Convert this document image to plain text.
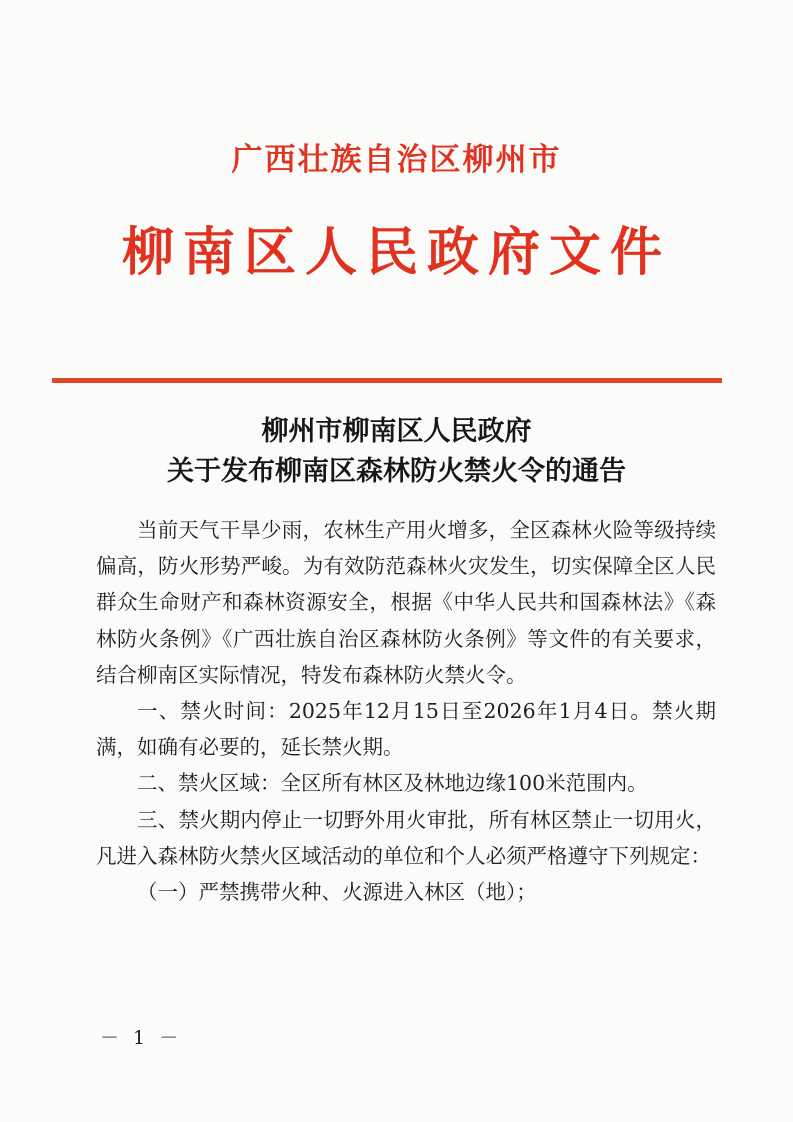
广西壮族自治区柳州市
柳南区人民政府文件
柳州市柳南区人民政府
关于发布柳南区森林防火禁火令的通告

当前天气干旱少雨，农林生产用火增多，全区森林火险等级持续偏高，防火形势严峻。为有效防范森林火灾发生，切实保障全区人民群众生命财产和森林资源安全，根据《中华人民共和国森林法》《森林防火条例》《广西壮族自治区森林防火条例》等文件的有关要求，结合柳南区实际情况，特发布森林防火禁火令。

一、禁火时间：2025年12月15日至2026年1月4日。禁火期满，如确有必要的，延长禁火期。

二、禁火区域：全区所有林区及林地边缘100米范围内。

三、禁火期内停止一切野外用火审批，所有林区禁止一切用火，凡进入森林防火禁火区域活动的单位和个人必须严格遵守下列规定：

（一）严禁携带火种、火源进入林区（地）；

－ 1 －
